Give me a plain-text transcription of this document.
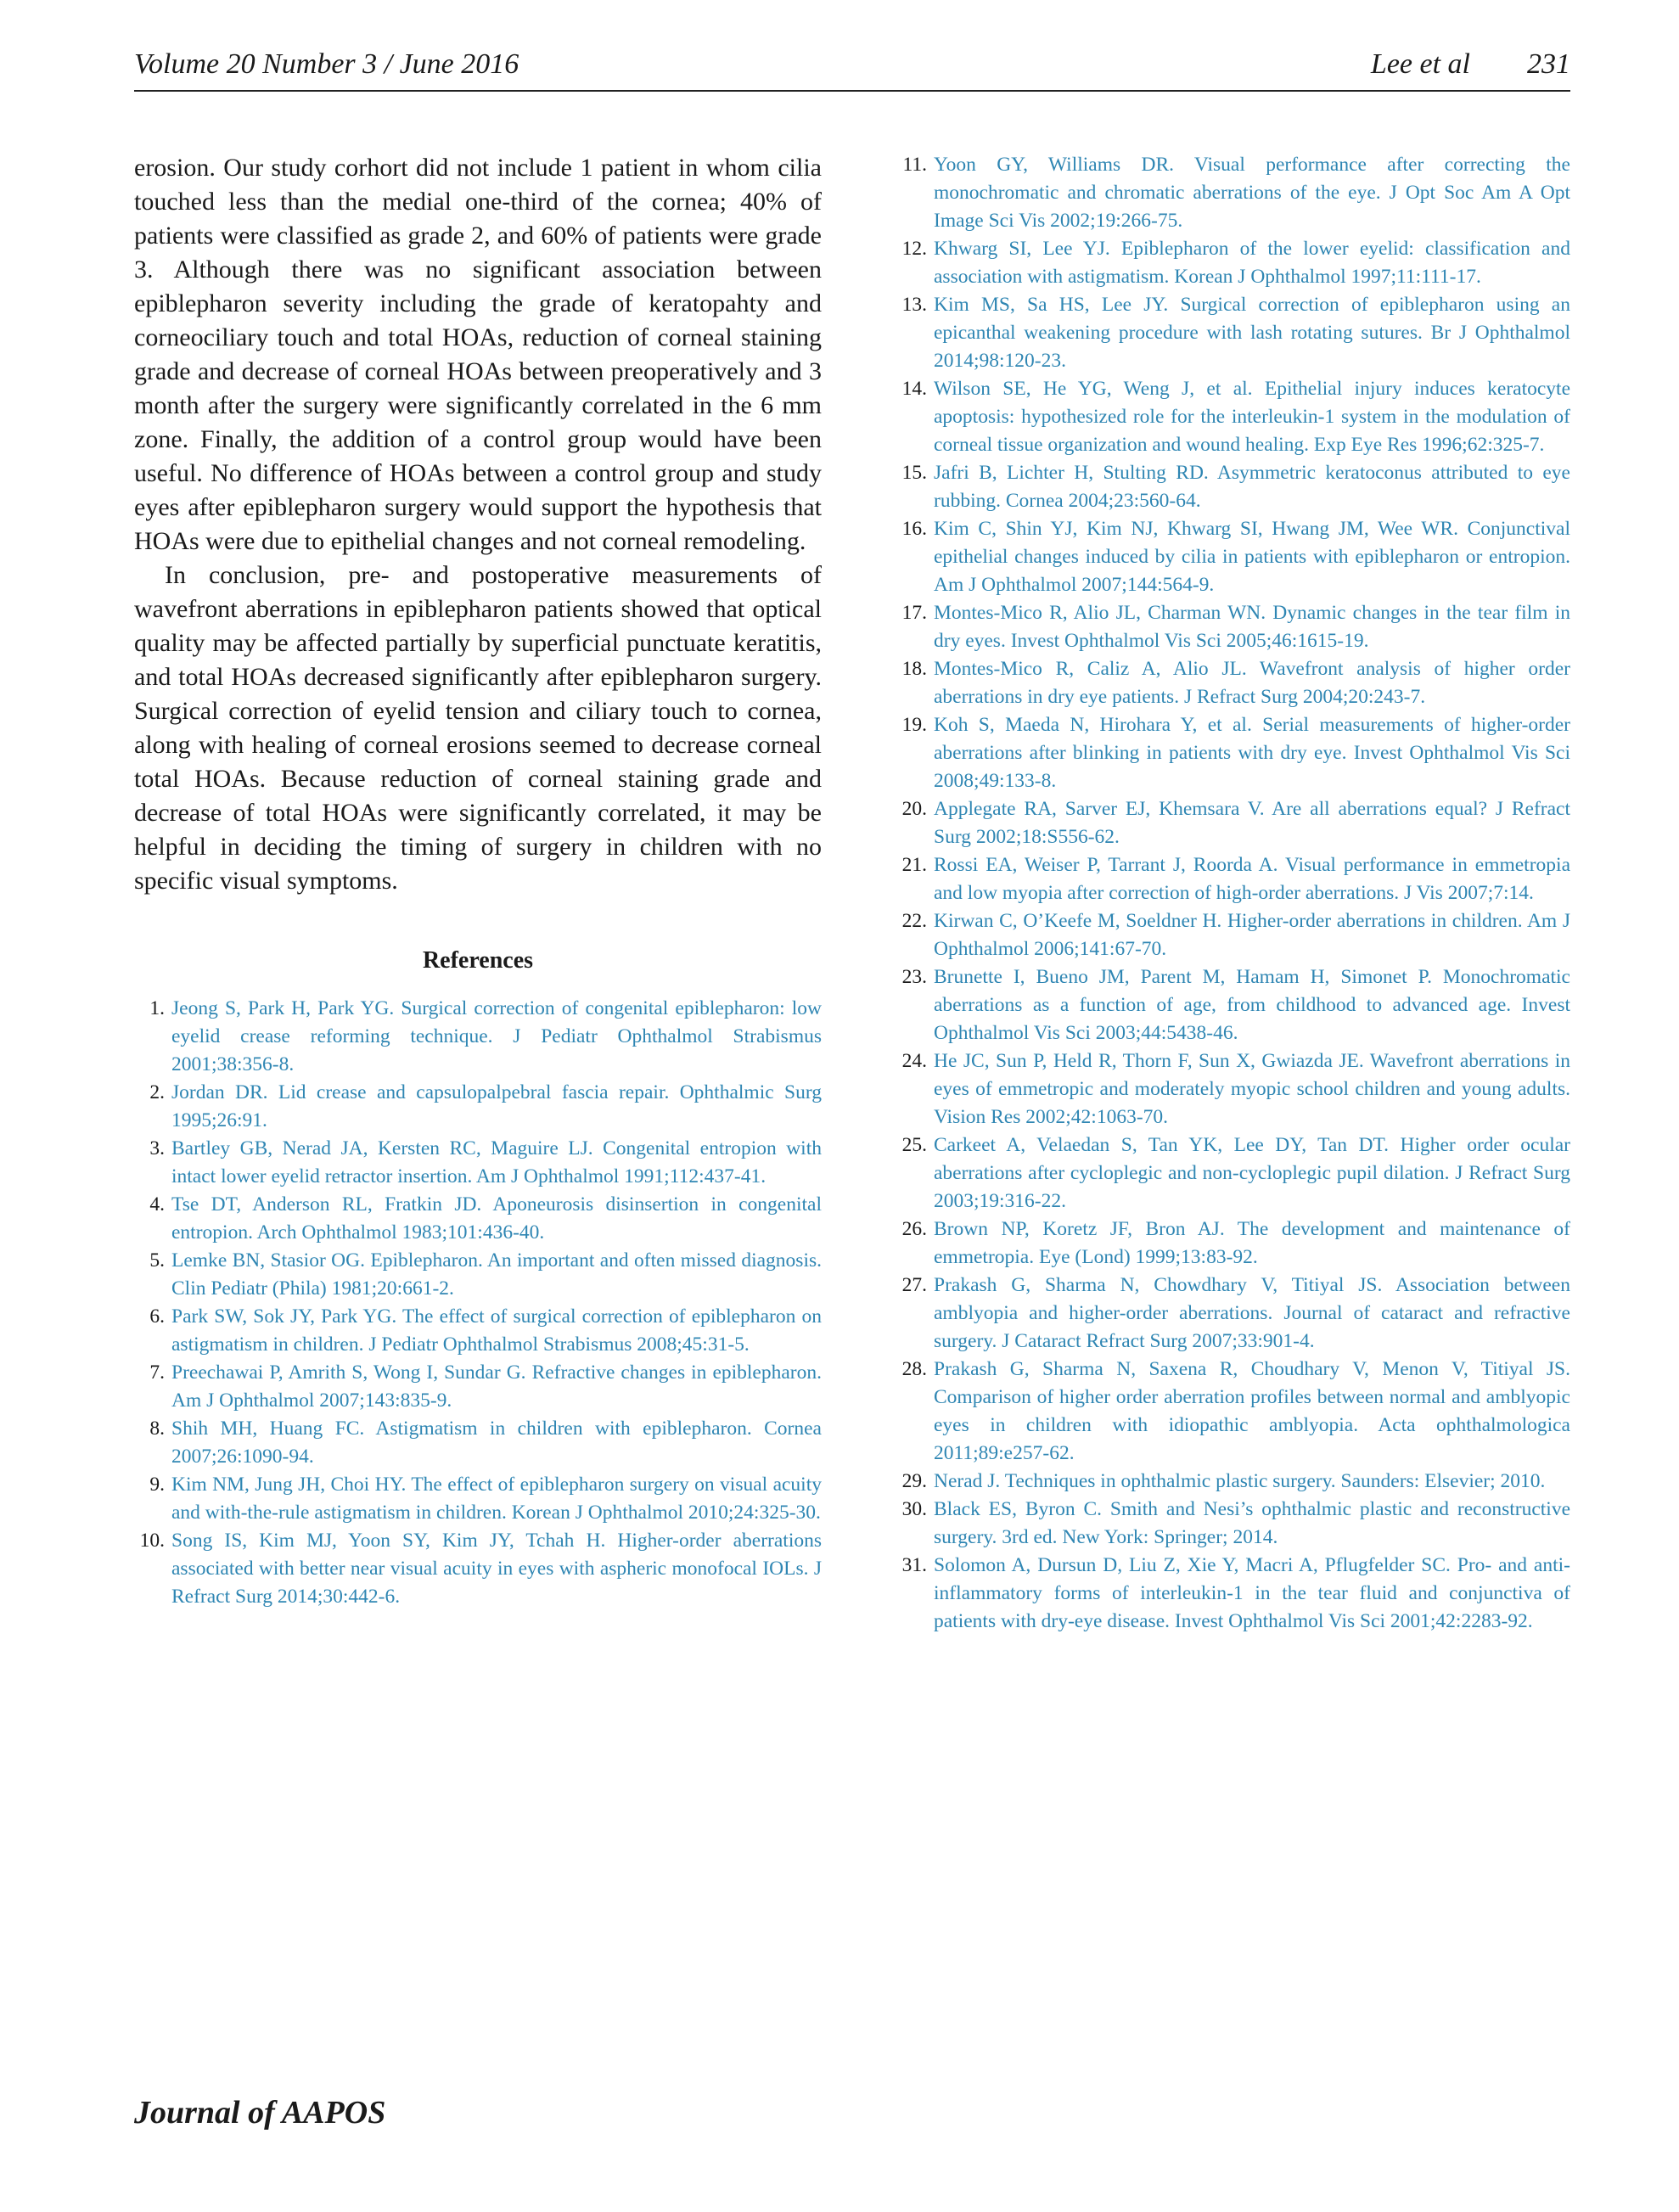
Volume 20 Number 3 / June 2016	Lee et al 231

erosion. Our study corhort did not include 1 patient in whom cilia touched less than the medial one-third of the cornea; 40% of patients were classified as grade 2, and 60% of patients were grade 3. Although there was no significant association between epiblepharon severity including the grade of keratopahty and corneociliary touch and total HOAs, reduction of corneal staining grade and decrease of corneal HOAs between preoperatively and 3 month after the surgery were significantly correlated in the 6 mm zone. Finally, the addition of a control group would have been useful. No difference of HOAs between a control group and study eyes after epiblepharon surgery would support the hypothesis that HOAs were due to epithelial changes and not corneal remodeling.

In conclusion, pre- and postoperative measurements of wavefront aberrations in epiblepharon patients showed that optical quality may be affected partially by superficial punctuate keratitis, and total HOAs decreased significantly after epiblepharon surgery. Surgical correction of eyelid tension and ciliary touch to cornea, along with healing of corneal erosions seemed to decrease corneal total HOAs. Because reduction of corneal staining grade and decrease of total HOAs were significantly correlated, it may be helpful in deciding the timing of surgery in children with no specific visual symptoms.

References
1. Jeong S, Park H, Park YG. Surgical correction of congenital epiblepharon: low eyelid crease reforming technique. J Pediatr Ophthalmol Strabismus 2001;38:356-8.
2. Jordan DR. Lid crease and capsulopalpebral fascia repair. Ophthalmic Surg 1995;26:91.
3. Bartley GB, Nerad JA, Kersten RC, Maguire LJ. Congenital entropion with intact lower eyelid retractor insertion. Am J Ophthalmol 1991;112:437-41.
4. Tse DT, Anderson RL, Fratkin JD. Aponeurosis disinsertion in congenital entropion. Arch Ophthalmol 1983;101:436-40.
5. Lemke BN, Stasior OG. Epiblepharon. An important and often missed diagnosis. Clin Pediatr (Phila) 1981;20:661-2.
6. Park SW, Sok JY, Park YG. The effect of surgical correction of epiblepharon on astigmatism in children. J Pediatr Ophthalmol Strabismus 2008;45:31-5.
7. Preechawai P, Amrith S, Wong I, Sundar G. Refractive changes in epiblepharon. Am J Ophthalmol 2007;143:835-9.
8. Shih MH, Huang FC. Astigmatism in children with epiblepharon. Cornea 2007;26:1090-94.
9. Kim NM, Jung JH, Choi HY. The effect of epiblepharon surgery on visual acuity and with-the-rule astigmatism in children. Korean J Ophthalmol 2010;24:325-30.
10. Song IS, Kim MJ, Yoon SY, Kim JY, Tchah H. Higher-order aberrations associated with better near visual acuity in eyes with aspheric monofocal IOLs. J Refract Surg 2014;30:442-6.
11. Yoon GY, Williams DR. Visual performance after correcting the monochromatic and chromatic aberrations of the eye. J Opt Soc Am A Opt Image Sci Vis 2002;19:266-75.
12. Khwarg SI, Lee YJ. Epiblepharon of the lower eyelid: classification and association with astigmatism. Korean J Ophthalmol 1997;11:111-17.
13. Kim MS, Sa HS, Lee JY. Surgical correction of epiblepharon using an epicanthal weakening procedure with lash rotating sutures. Br J Ophthalmol 2014;98:120-23.
14. Wilson SE, He YG, Weng J, et al. Epithelial injury induces keratocyte apoptosis: hypothesized role for the interleukin-1 system in the modulation of corneal tissue organization and wound healing. Exp Eye Res 1996;62:325-7.
15. Jafri B, Lichter H, Stulting RD. Asymmetric keratoconus attributed to eye rubbing. Cornea 2004;23:560-64.
16. Kim C, Shin YJ, Kim NJ, Khwarg SI, Hwang JM, Wee WR. Conjunctival epithelial changes induced by cilia in patients with epiblepharon or entropion. Am J Ophthalmol 2007;144:564-9.
17. Montes-Mico R, Alio JL, Charman WN. Dynamic changes in the tear film in dry eyes. Invest Ophthalmol Vis Sci 2005;46:1615-19.
18. Montes-Mico R, Caliz A, Alio JL. Wavefront analysis of higher order aberrations in dry eye patients. J Refract Surg 2004;20:243-7.
19. Koh S, Maeda N, Hirohara Y, et al. Serial measurements of higher-order aberrations after blinking in patients with dry eye. Invest Ophthalmol Vis Sci 2008;49:133-8.
20. Applegate RA, Sarver EJ, Khemsara V. Are all aberrations equal? J Refract Surg 2002;18:S556-62.
21. Rossi EA, Weiser P, Tarrant J, Roorda A. Visual performance in emmetropia and low myopia after correction of high-order aberrations. J Vis 2007;7:14.
22. Kirwan C, O’Keefe M, Soeldner H. Higher-order aberrations in children. Am J Ophthalmol 2006;141:67-70.
23. Brunette I, Bueno JM, Parent M, Hamam H, Simonet P. Monochromatic aberrations as a function of age, from childhood to advanced age. Invest Ophthalmol Vis Sci 2003;44:5438-46.
24. He JC, Sun P, Held R, Thorn F, Sun X, Gwiazda JE. Wavefront aberrations in eyes of emmetropic and moderately myopic school children and young adults. Vision Res 2002;42:1063-70.
25. Carkeet A, Velaedan S, Tan YK, Lee DY, Tan DT. Higher order ocular aberrations after cycloplegic and non-cycloplegic pupil dilation. J Refract Surg 2003;19:316-22.
26. Brown NP, Koretz JF, Bron AJ. The development and maintenance of emmetropia. Eye (Lond) 1999;13:83-92.
27. Prakash G, Sharma N, Chowdhary V, Titiyal JS. Association between amblyopia and higher-order aberrations. Journal of cataract and refractive surgery. J Cataract Refract Surg 2007;33:901-4.
28. Prakash G, Sharma N, Saxena R, Choudhary V, Menon V, Titiyal JS. Comparison of higher order aberration profiles between normal and amblyopic eyes in children with idiopathic amblyopia. Acta ophthalmologica 2011;89:e257-62.
29. Nerad J. Techniques in ophthalmic plastic surgery. Saunders: Elsevier; 2010.
30. Black ES, Byron C. Smith and Nesi’s ophthalmic plastic and reconstructive surgery. 3rd ed. New York: Springer; 2014.
31. Solomon A, Dursun D, Liu Z, Xie Y, Macri A, Pflugfelder SC. Pro- and anti-inflammatory forms of interleukin-1 in the tear fluid and conjunctiva of patients with dry-eye disease. Invest Ophthalmol Vis Sci 2001;42:2283-92.
Journal of AAPOS
